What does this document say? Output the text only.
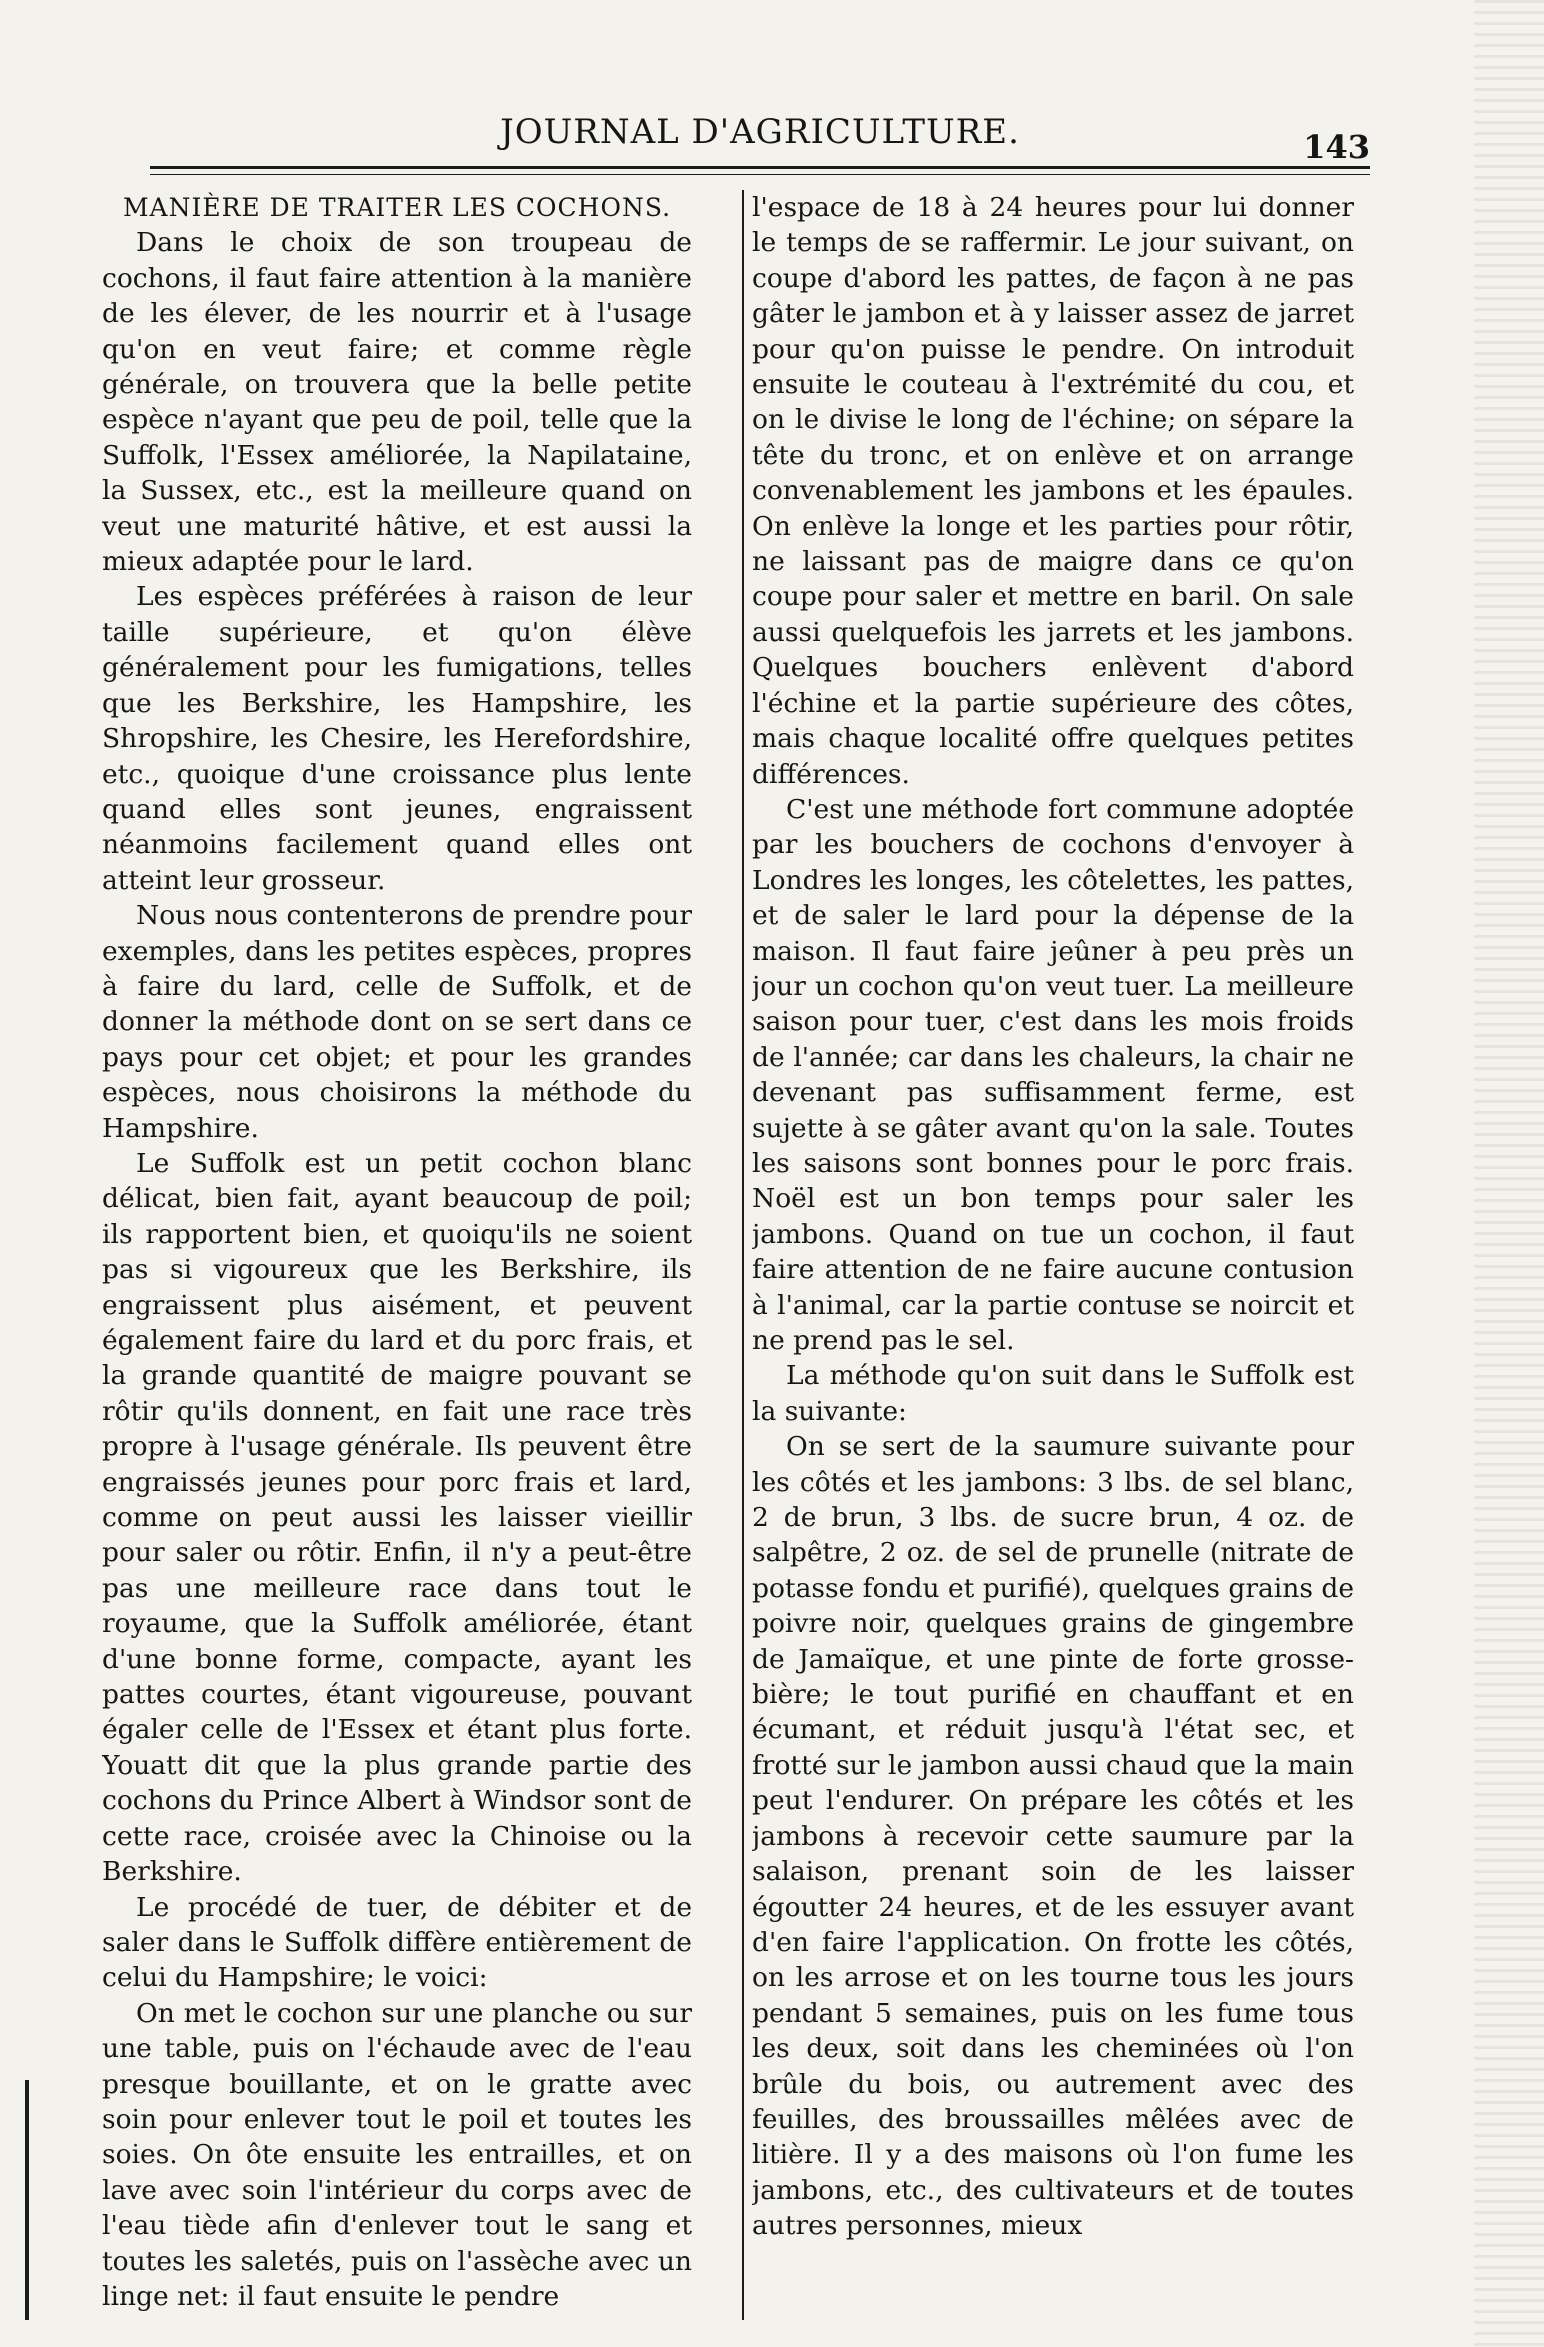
JOURNAL D'AGRICULTURE.	143
MANIÈRE DE TRAITER LES COCHONS.

Dans le choix de son troupeau de cochons, il faut faire attention à la manière de les élever, de les nourrir et à l'usage qu'on en veut faire; et comme règle générale, on trouvera que la belle petite espèce n'ayant que peu de poil, telle que la Suffolk, l'Essex améliorée, la Napilataine, la Sussex, etc., est la meilleure quand on veut une maturité hâtive, et est aussi la mieux adaptée pour le lard.

Les espèces préférées à raison de leur taille supérieure, et qu'on élève généralement pour les fumigations, telles que les Berkshire, les Hampshire, les Shropshire, les Chesire, les Herefordshire, etc., quoique d'une croissance plus lente quand elles sont jeunes, engraissent néanmoins facilement quand elles ont atteint leur grosseur.

Nous nous contenterons de prendre pour exemples, dans les petites espèces, propres à faire du lard, celle de Suffolk, et de donner la méthode dont on se sert dans ce pays pour cet objet; et pour les grandes espèces, nous choisirons la méthode du Hampshire.

Le Suffolk est un petit cochon blanc délicat, bien fait, ayant beaucoup de poil; ils rapportent bien, et quoiqu'ils ne soient pas si vigoureux que les Berkshire, ils engraissent plus aisément, et peuvent également faire du lard et du porc frais, et la grande quantité de maigre pouvant se rôtir qu'ils donnent, en fait une race très propre à l'usage générale. Ils peuvent être engraissés jeunes pour porc frais et lard, comme on peut aussi les laisser vieillir pour saler ou rôtir. Enfin, il n'y a peut-être pas une meilleure race dans tout le royaume, que la Suffolk améliorée, étant d'une bonne forme, compacte, ayant les pattes courtes, étant vigoureuse, pouvant égaler celle de l'Essex et étant plus forte. Youatt dit que la plus grande partie des cochons du Prince Albert à Windsor sont de cette race, croisée avec la Chinoise ou la Berkshire.

Le procédé de tuer, de débiter et de saler dans le Suffolk diffère entièrement de celui du Hampshire; le voici:

On met le cochon sur une planche ou sur une table, puis on l'échaude avec de l'eau presque bouillante, et on le gratte avec soin pour enlever tout le poil et toutes les soies. On ôte ensuite les entrailles, et on lave avec soin l'intérieur du corps avec de l'eau tiède afin d'enlever tout le sang et toutes les saletés, puis on l'assèche avec un linge net: il faut ensuite le pendre

l'espace de 18 à 24 heures pour lui donner le temps de se raffermir. Le jour suivant, on coupe d'abord les pattes, de façon à ne pas gâter le jambon et à y laisser assez de jarret pour qu'on puisse le pendre. On introduit ensuite le couteau à l'extrémité du cou, et on le divise le long de l'échine; on sépare la tête du tronc, et on enlève et on arrange convenablement les jambons et les épaules. On enlève la longe et les parties pour rôtir, ne laissant pas de maigre dans ce qu'on coupe pour saler et mettre en baril. On sale aussi quelquefois les jarrets et les jambons. Quelques bouchers enlèvent d'abord l'échine et la partie supérieure des côtes, mais chaque localité offre quelques petites différences.

C'est une méthode fort commune adoptée par les bouchers de cochons d'envoyer à Londres les longes, les côtelettes, les pattes, et de saler le lard pour la dépense de la maison. Il faut faire jeûner à peu près un jour un cochon qu'on veut tuer. La meilleure saison pour tuer, c'est dans les mois froids de l'année; car dans les chaleurs, la chair ne devenant pas suffisamment ferme, est sujette à se gâter avant qu'on la sale. Toutes les saisons sont bonnes pour le porc frais. Noël est un bon temps pour saler les jambons. Quand on tue un cochon, il faut faire attention de ne faire aucune contusion à l'animal, car la partie contuse se noircit et ne prend pas le sel.

La méthode qu'on suit dans le Suffolk est la suivante:

On se sert de la saumure suivante pour les côtés et les jambons: 3 lbs. de sel blanc, 2 de brun, 3 lbs. de sucre brun, 4 oz. de salpêtre, 2 oz. de sel de prunelle (nitrate de potasse fondu et purifié), quelques grains de poivre noir, quelques grains de gingembre de Jamaïque, et une pinte de forte grosse-bière; le tout purifié en chauffant et en écumant, et réduit jusqu'à l'état sec, et frotté sur le jambon aussi chaud que la main peut l'endurer. On prépare les côtés et les jambons à recevoir cette saumure par la salaison, prenant soin de les laisser égoutter 24 heures, et de les essuyer avant d'en faire l'application. On frotte les côtés, on les arrose et on les tourne tous les jours pendant 5 semaines, puis on les fume tous les deux, soit dans les cheminées où l'on brûle du bois, ou autrement avec des feuilles, des broussailles mêlées avec de litière. Il y a des maisons où l'on fume les jambons, etc., des cultivateurs et de toutes autres personnes, mieux
